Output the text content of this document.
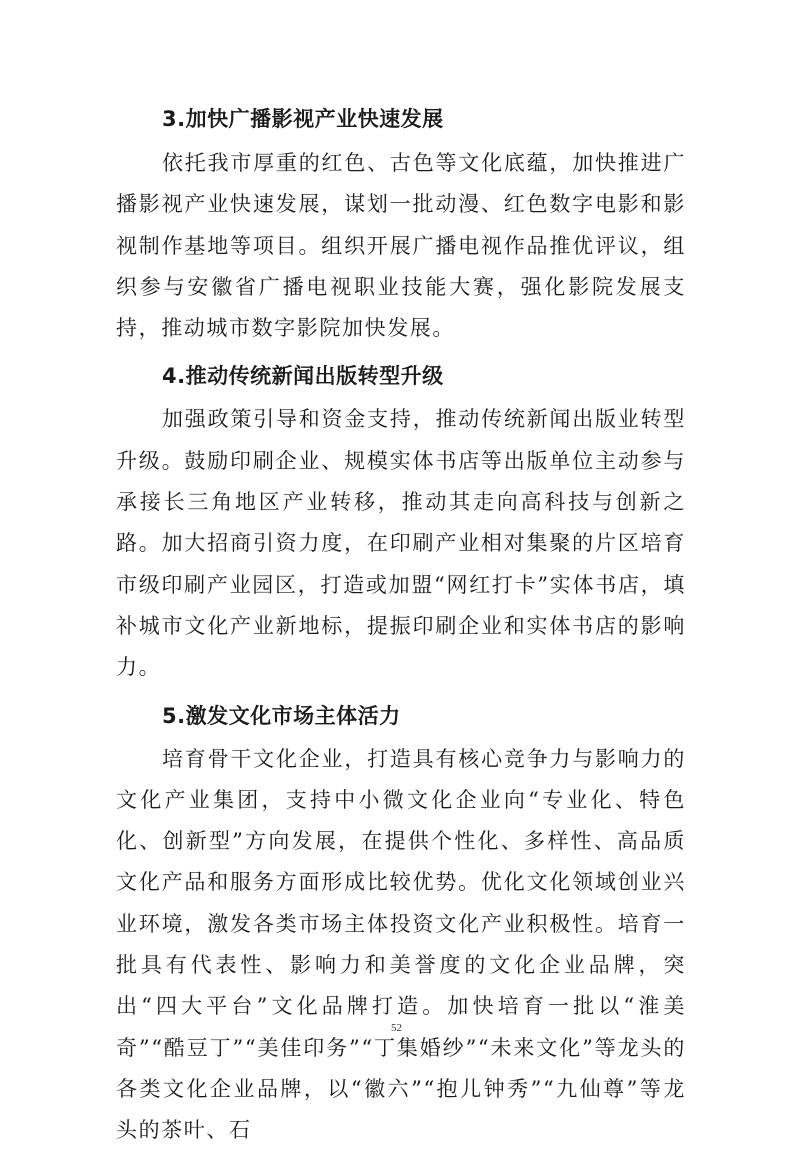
3.加快广播影视产业快速发展

依托我市厚重的红色、古色等文化底蕴，加快推进广播影视产业快速发展，谋划一批动漫、红色数字电影和影视制作基地等项目。组织开展广播电视作品推优评议，组织参与安徽省广播电视职业技能大赛，强化影院发展支持，推动城市数字影院加快发展。

4.推动传统新闻出版转型升级

加强政策引导和资金支持，推动传统新闻出版业转型升级。鼓励印刷企业、规模实体书店等出版单位主动参与承接长三角地区产业转移，推动其走向高科技与创新之路。加大招商引资力度，在印刷产业相对集聚的片区培育市级印刷产业园区，打造或加盟“网红打卡”实体书店，填补城市文化产业新地标，提振印刷企业和实体书店的影响力。

5.激发文化市场主体活力

培育骨干文化企业，打造具有核心竞争力与影响力的文化产业集团，支持中小微文化企业向“专业化、特色化、创新型”方向发展，在提供个性化、多样性、高品质文化产品和服务方面形成比较优势。优化文化领域创业兴业环境，激发各类市场主体投资文化产业积极性。培育一批具有代表性、影响力和美誉度的文化企业品牌，突出“四大平台”文化品牌打造。加快培育一批以“淮美奇”“酷豆丁”“美佳印务”“丁集婚纱”“未来文化”等龙头的各类文化企业品牌，以“徽六”“抱儿钟秀”“九仙尊”等龙头的茶叶、石

52
